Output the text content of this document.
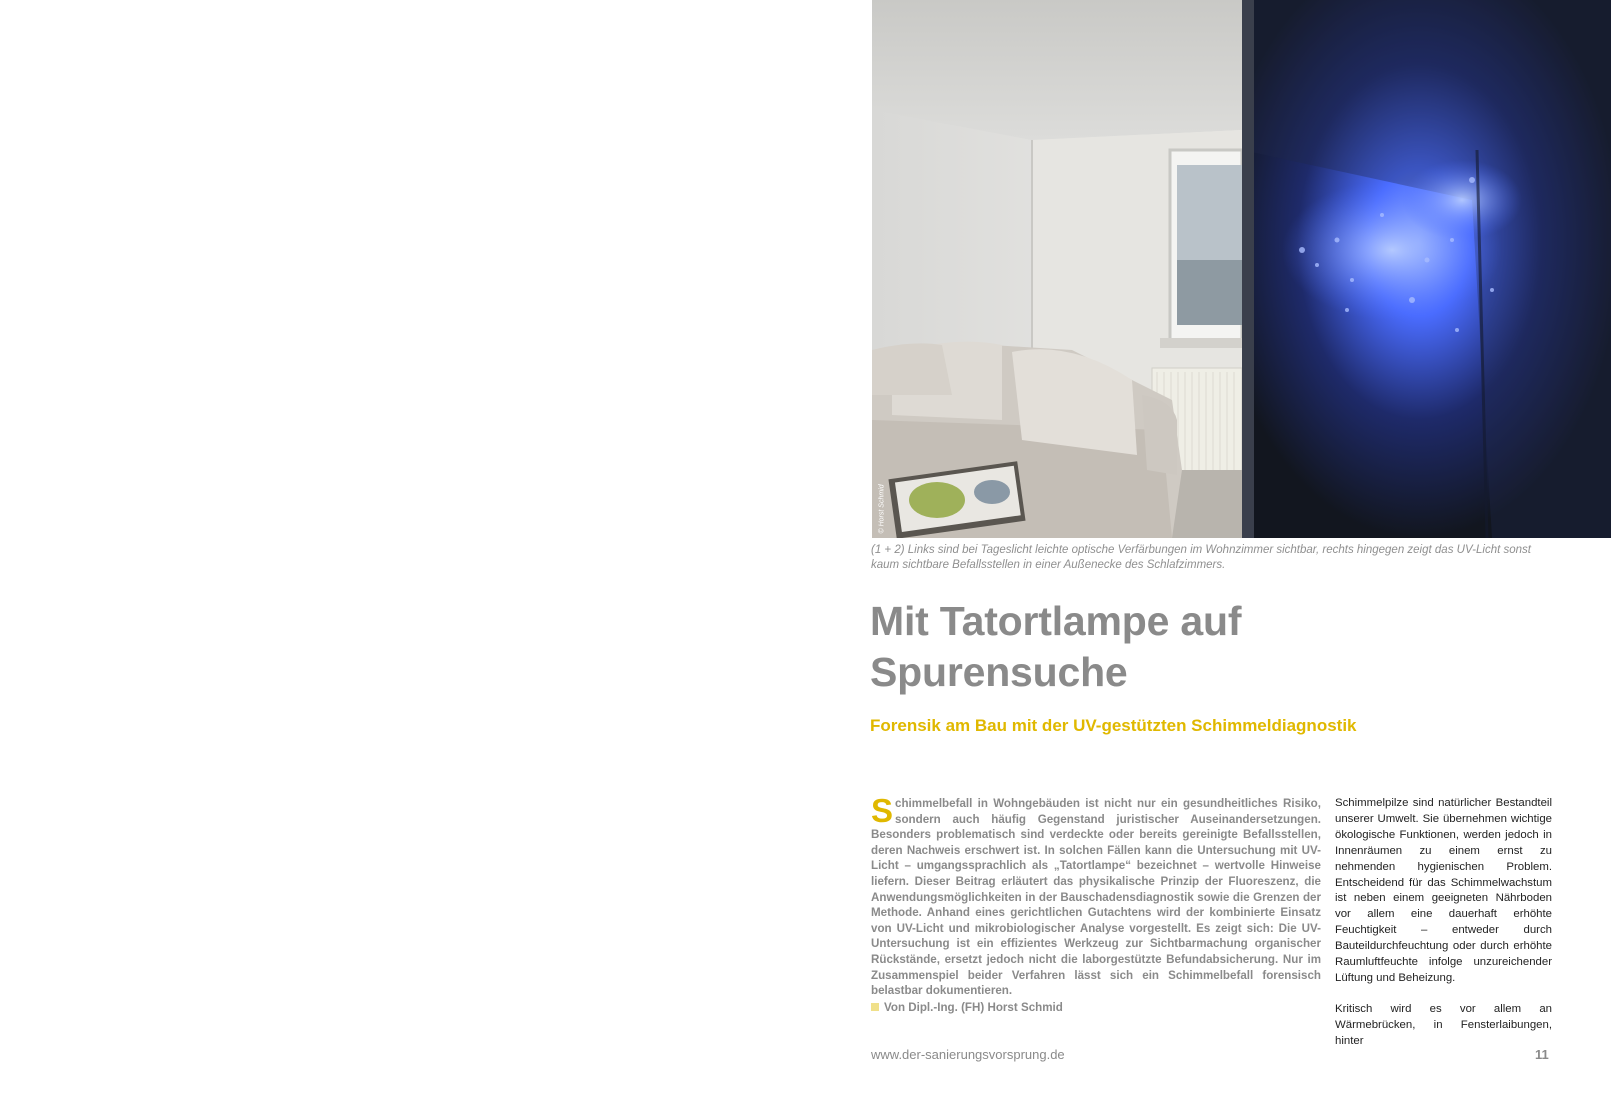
© Horst Schmid
(1 + 2) Links sind bei Tageslicht leichte optische Verfärbungen im Wohnzimmer sichtbar, rechts hingegen zeigt das UV-Licht sonst kaum sichtbare Befallsstellen in einer Außenecke des Schlafzimmers.
Mit Tatortlampe auf
Spurensuche
Forensik am Bau mit der UV-gestützten Schimmeldiagnostik
Schimmelbefall in Wohngebäuden ist nicht nur ein gesundheitliches Risiko, sondern auch häufig Gegenstand juristischer Auseinandersetzungen. Besonders problematisch sind verdeckte oder bereits gereinigte Befallsstellen, deren Nachweis erschwert ist. In solchen Fällen kann die Untersuchung mit UV-Licht – umgangssprachlich als „Tatortlampe“ bezeichnet – wertvolle Hinweise liefern. Dieser Beitrag erläutert das physikalische Prinzip der Fluoreszenz, die Anwendungsmöglichkeiten in der Bauschadensdiagnostik sowie die Grenzen der Methode. Anhand eines gerichtlichen Gutachtens wird der kombinierte Einsatz von UV-Licht und mikrobiologischer Analyse vorgestellt. Es zeigt sich: Die UV-Untersuchung ist ein effizientes Werkzeug zur Sichtbarmachung organischer Rückstände, ersetzt jedoch nicht die laborgestützte Befundabsicherung. Nur im Zusammenspiel beider Verfahren lässt sich ein Schimmelbefall forensisch belastbar dokumentieren.
Von Dipl.-Ing. (FH) Horst Schmid

Schimmelpilze sind natürlicher Bestandteil unserer Umwelt. Sie übernehmen wichtige ökologische Funktionen, werden jedoch in Innenräumen zu einem ernst zu nehmenden hygienischen Problem. Entscheidend für das Schimmelwachstum ist neben einem geeigneten Nährboden vor allem eine dauerhaft erhöhte Feuchtigkeit – entweder durch Bauteildurchfeuchtung oder durch erhöhte Raumluftfeuchte infolge unzureichender Lüftung und Beheizung.

Kritisch wird es vor allem an Wärmebrücken, in Fensterlaibungen, hinter

www.der-sanierungsvorsprung.de	11
